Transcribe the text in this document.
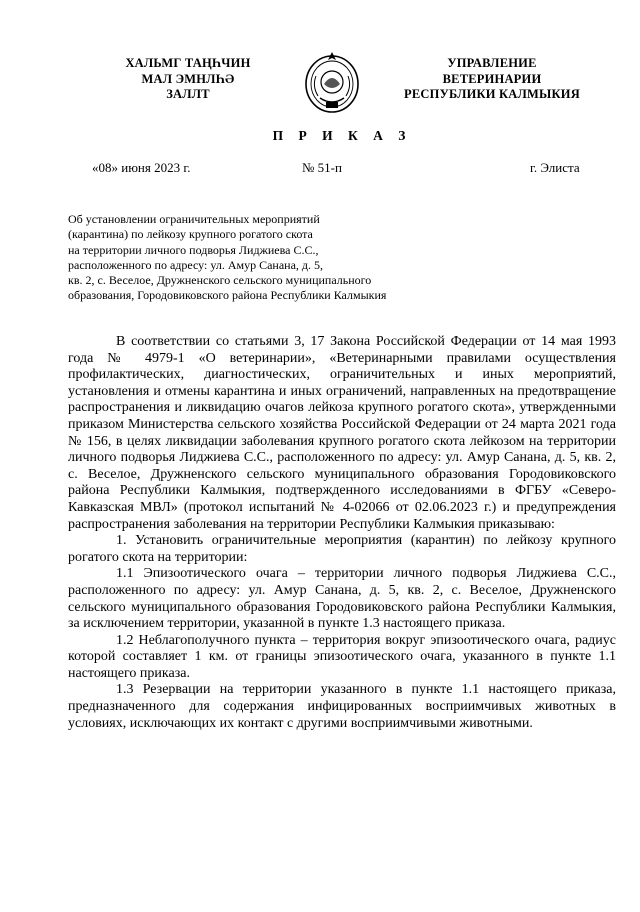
ХАЛЬМГ ТАҢҺЧИН
МАЛ ЭМНЛҺӘ
ЗАЛЛТ
УПРАВЛЕНИЕ
ВЕТЕРИНАРИИ
РЕСПУБЛИКИ КАЛМЫКИЯ
П Р И К А З
«08» июня 2023 г.	№ 51-п	г. Элиста
Об установлении ограничительных мероприятий
(карантина) по лейкозу крупного рогатого скота
на территории личного подворья Лиджиева С.С.,
расположенного по адресу: ул. Амур Санана, д. 5,
кв. 2, с. Веселое, Дружненского сельского муниципального
образования, Городовиковского района Республики Калмыкия

В соответствии со статьями 3, 17 Закона Российской Федерации от 14 мая 1993 года № 4979-1 «О ветеринарии», «Ветеринарными правилами осуществления профилактических, диагностических, ограничительных и иных мероприятий, установления и отмены карантина и иных ограничений, направленных на предотвращение распространения и ликвидацию очагов лейкоза крупного рогатого скота», утвержденными приказом Министерства сельского хозяйства Российской Федерации от 24 марта 2021 года № 156, в целях ликвидации заболевания крупного рогатого скота лейкозом на территории личного подворья Лиджиева С.С., расположенного по адресу: ул. Амур Санана, д. 5, кв. 2, с. Веселое, Дружненского сельского муниципального образования Городовиковского района Республики Калмыкия, подтвержденного исследованиями в ФГБУ «Северо-Кавказская МВЛ» (протокол испытаний № 4-02066 от 02.06.2023 г.) и предупреждения распространения заболевания на территории Республики Калмыкия приказываю:

1. Установить ограничительные мероприятия (карантин) по лейкозу крупного рогатого скота на территории:

1.1 Эпизоотического очага – территории личного подворья Лиджиева С.С., расположенного по адресу: ул. Амур Санана, д. 5, кв. 2, с. Веселое, Дружненского сельского муниципального образования Городовиковского района Республики Калмыкия, за исключением территории, указанной в пункте 1.3 настоящего приказа.

1.2 Неблагополучного пункта – территория вокруг эпизоотического очага, радиус которой составляет 1 км. от границы эпизоотического очага, указанного в пункте 1.1 настоящего приказа.

1.3 Резервации на территории указанного в пункте 1.1 настоящего приказа, предназначенного для содержания инфицированных восприимчивых животных в условиях, исключающих их контакт с другими восприимчивыми животными.
